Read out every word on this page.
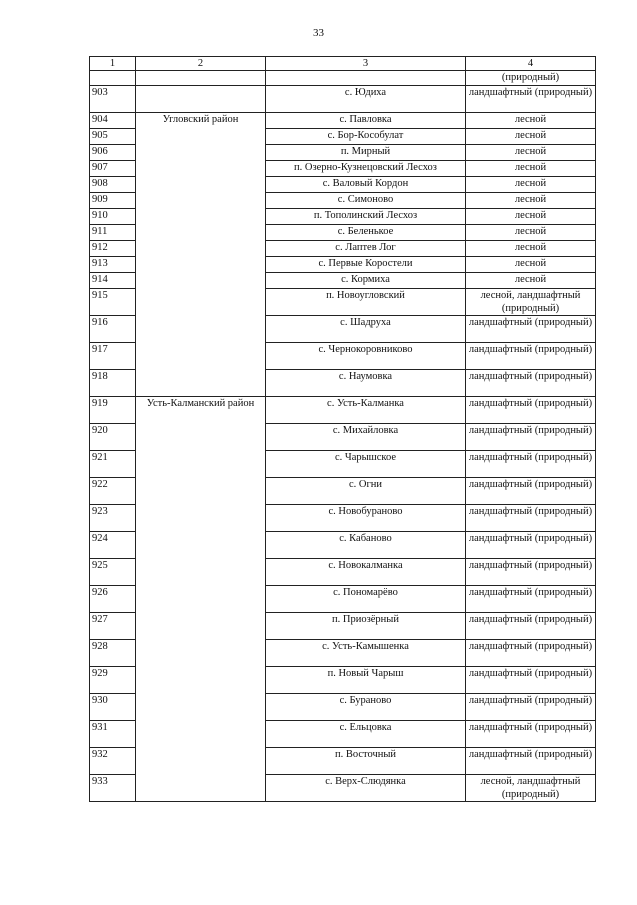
33
1	2	3	4
			(природный)
903		с. Юдиха	ландшафтный (природный)
904	Угловский район	с. Павловка	лесной
905		с. Бор-Кособулат	лесной
906		п. Мирный	лесной
907		п. Озерно-Кузнецовский Лесхоз	лесной
908		с. Валовый Кордон	лесной
909		с. Симоново	лесной
910		п. Тополинский Лесхоз	лесной
911		с. Беленькое	лесной
912		с. Лаптев Лог	лесной
913		с. Первые Коростели	лесной
914		с. Кормиха	лесной
915		п. Новоугловский	лесной, ландшафтный (природный)
916		с. Шадруха	ландшафтный (природный)
917		с. Чернокоровниково	ландшафтный (природный)
918		с. Наумовка	ландшафтный (природный)
919	Усть-Калманский район	с. Усть-Калманка	ландшафтный (природный)
920		с. Михайловка	ландшафтный (природный)
921		с. Чарышское	ландшафтный (природный)
922		с. Огни	ландшафтный (природный)
923		с. Новобураново	ландшафтный (природный)
924		с. Кабаново	ландшафтный (природный)
925		с. Новокалманка	ландшафтный (природный)
926		с. Пономарёво	ландшафтный (природный)
927		п. Приозёрный	ландшафтный (природный)
928		с. Усть-Камышенка	ландшафтный (природный)
929		п. Новый Чарыш	ландшафтный (природный)
930		с. Бураново	ландшафтный (природный)
931		с. Ельцовка	ландшафтный (природный)
932		п. Восточный	ландшафтный (природный)
933		с. Верх-Слюдянка	лесной, ландшафтный (природный)
